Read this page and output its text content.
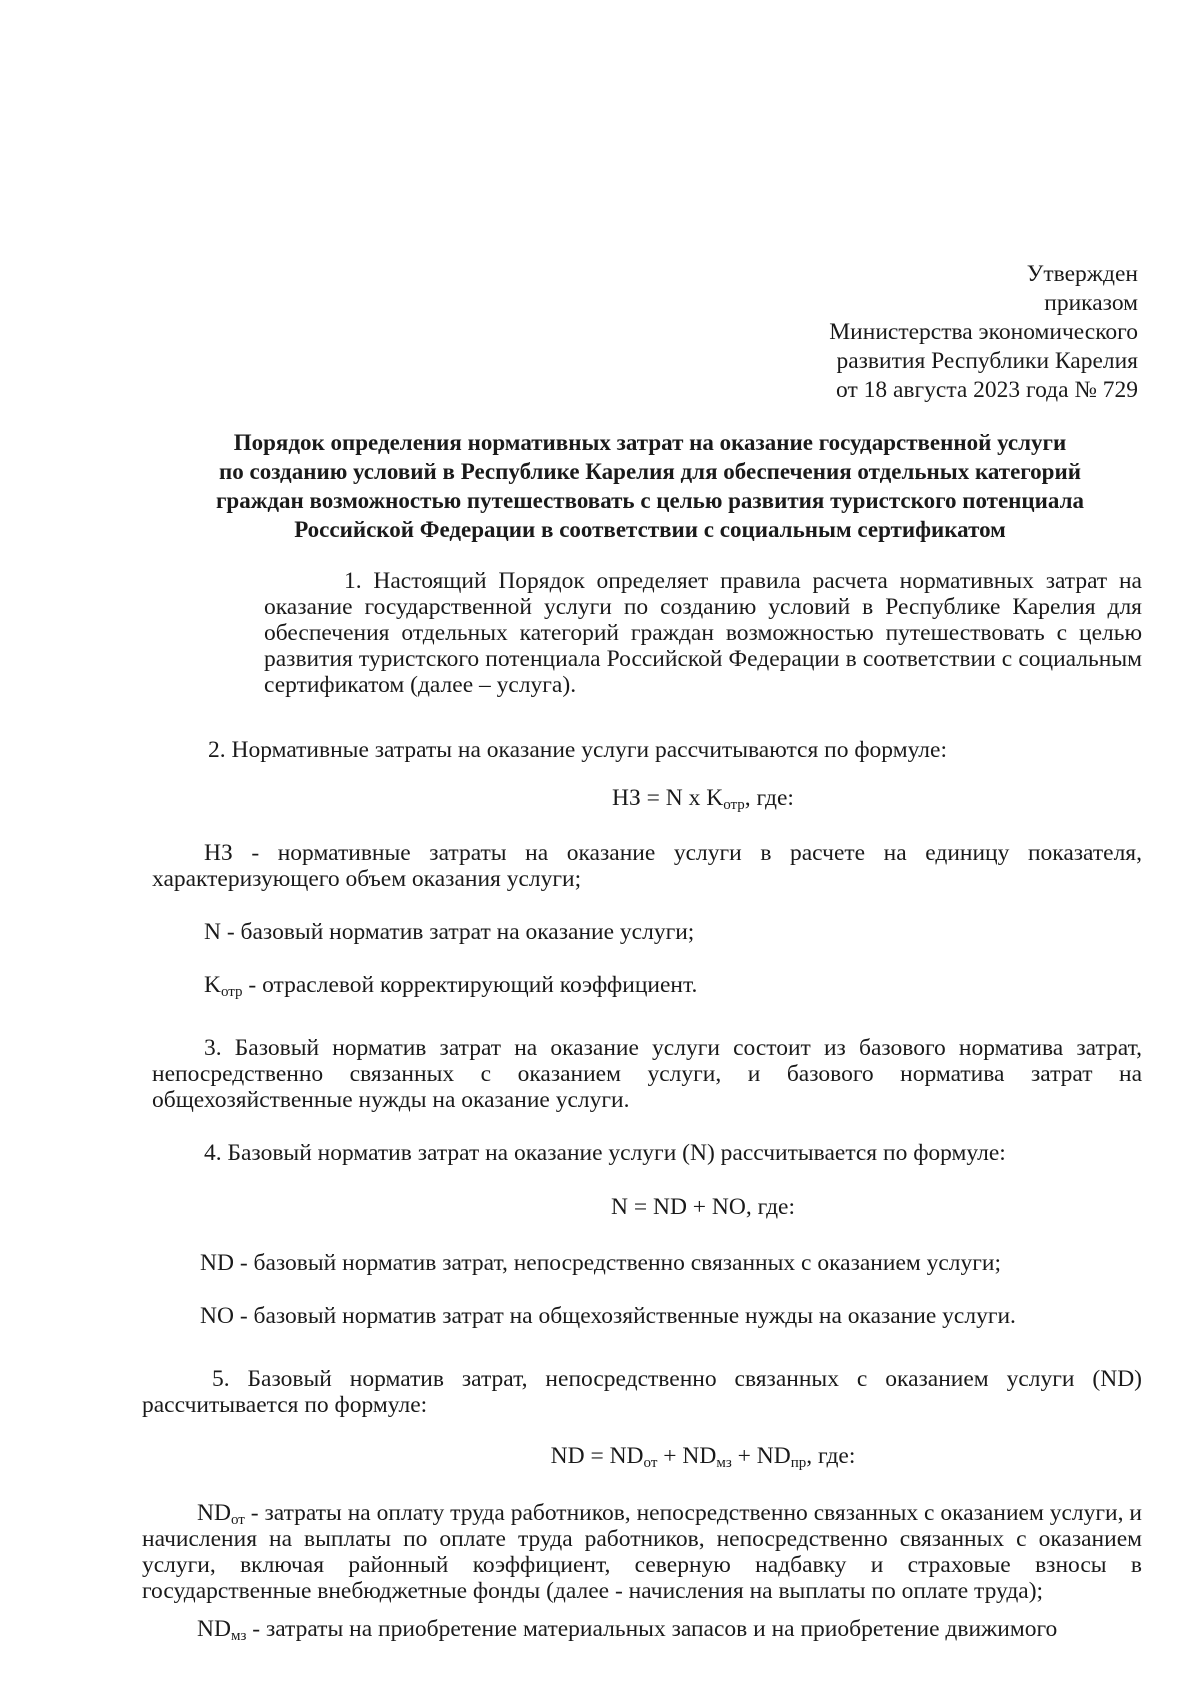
Утвержден
приказом
Министерства экономического
развития Республики Карелия
от 18 августа 2023 года № 729
Порядок определения нормативных затрат на оказание государственной услуги
по созданию условий в Республике Карелия для обеспечения отдельных категорий
граждан возможностью путешествовать с целью развития туристского потенциала
Российской Федерации в соответствии с социальным сертификатом
1. Настоящий Порядок определяет правила расчета нормативных затрат на оказание государственной услуги по созданию условий в Республике Карелия для обеспечения отдельных категорий граждан возможностью путешествовать с целью развития туристского потенциала Российской Федерации в соответствии с социальным сертификатом (далее – услуга).
2. Нормативные затраты на оказание услуги рассчитываются по формуле:
НЗ = N x $K_{отр}$, где:
НЗ - нормативные затраты на оказание услуги в расчете на единицу показателя, характеризующего объем оказания услуги;
N - базовый норматив затрат на оказание услуги;
$K_{отр}$ - отраслевой корректирующий коэффициент.
3. Базовый норматив затрат на оказание услуги состоит из базового норматива затрат, непосредственно связанных с оказанием услуги, и базового норматива затрат на общехозяйственные нужды на оказание услуги.
4. Базовый норматив затрат на оказание услуги (N) рассчитывается по формуле:
N = ND + NO, где:
ND - базовый норматив затрат, непосредственно связанных с оказанием услуги;
NO - базовый норматив затрат на общехозяйственные нужды на оказание услуги.
5. Базовый норматив затрат, непосредственно связанных с оказанием услуги (ND) рассчитывается по формуле:
ND = $ND_{от} + ND_{мз} + ND_{пр}$, где:
$ND_{от}$ - затраты на оплату труда работников, непосредственно связанных с оказанием услуги, и начисления на выплаты по оплате труда работников, непосредственно связанных с оказанием услуги, включая районный коэффициент, северную надбавку и страховые взносы в государственные внебюджетные фонды (далее - начисления на выплаты по оплате труда);
$ND_{мз}$ - затраты на приобретение материальных запасов и на приобретение движимого
